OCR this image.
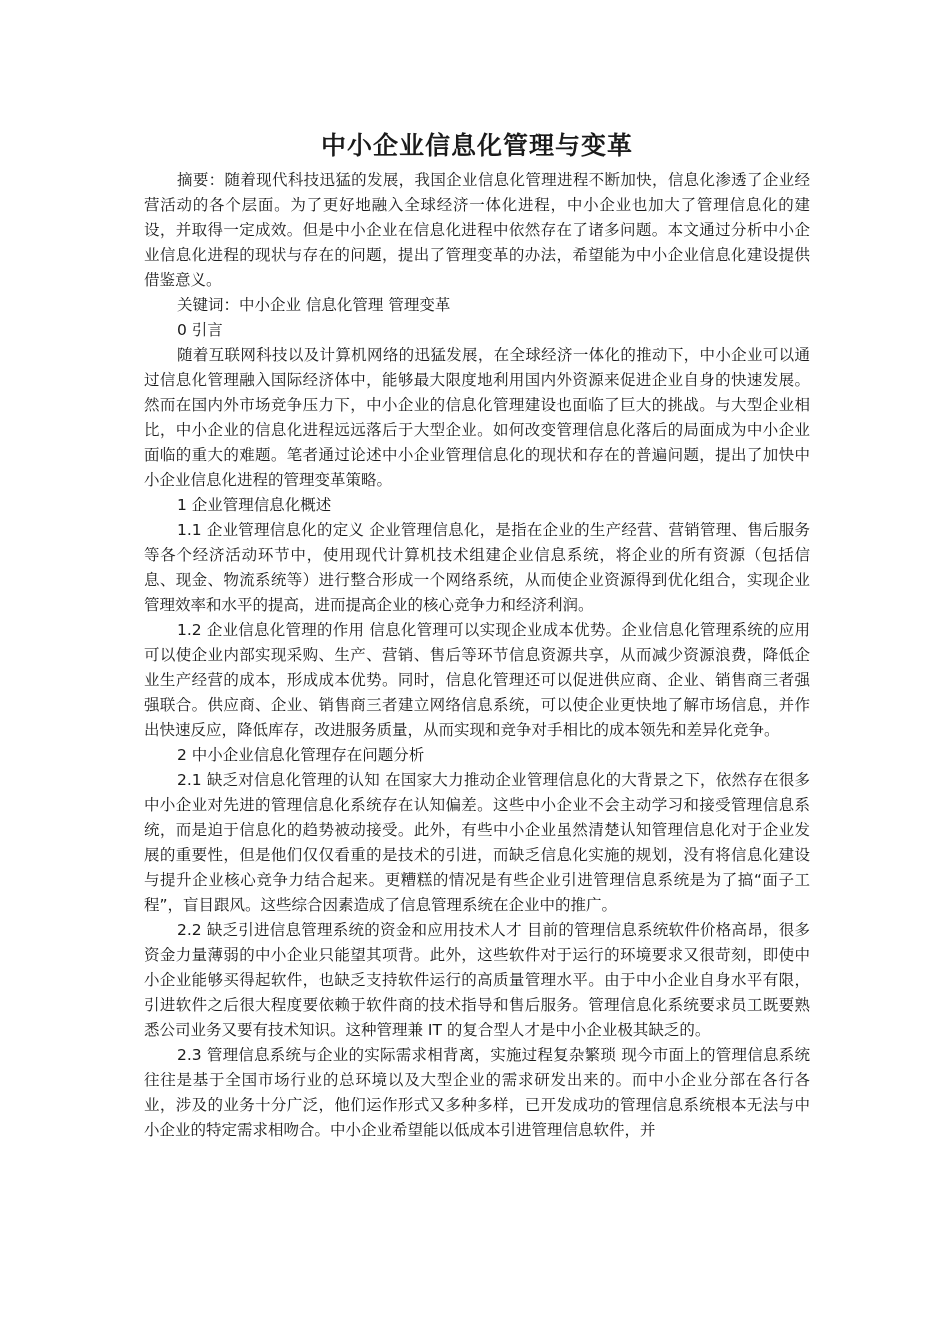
中小企业信息化管理与变革

摘要：随着现代科技迅猛的发展，我国企业信息化管理进程不断加快，信息化渗透了企业经营活动的各个层面。为了更好地融入全球经济一体化进程，中小企业也加大了管理信息化的建设，并取得一定成效。但是中小企业在信息化进程中依然存在了诸多问题。本文通过分析中小企业信息化进程的现状与存在的问题，提出了管理变革的办法，希望能为中小企业信息化建设提供借鉴意义。

关键词：中小企业 信息化管理 管理变革

0 引言

随着互联网科技以及计算机网络的迅猛发展，在全球经济一体化的推动下，中小企业可以通过信息化管理融入国际经济体中，能够最大限度地利用国内外资源来促进企业自身的快速发展。然而在国内外市场竞争压力下，中小企业的信息化管理建设也面临了巨大的挑战。与大型企业相比，中小企业的信息化进程远远落后于大型企业。如何改变管理信息化落后的局面成为中小企业面临的重大的难题。笔者通过论述中小企业管理信息化的现状和存在的普遍问题，提出了加快中小企业信息化进程的管理变革策略。

1 企业管理信息化概述

1.1 企业管理信息化的定义 企业管理信息化，是指在企业的生产经营、营销管理、售后服务等各个经济活动环节中，使用现代计算机技术组建企业信息系统，将企业的所有资源（包括信息、现金、物流系统等）进行整合形成一个网络系统，从而使企业资源得到优化组合，实现企业管理效率和水平的提高，进而提高企业的核心竞争力和经济利润。

1.2 企业信息化管理的作用 信息化管理可以实现企业成本优势。企业信息化管理系统的应用可以使企业内部实现采购、生产、营销、售后等环节信息资源共享，从而减少资源浪费，降低企业生产经营的成本，形成成本优势。同时，信息化管理还可以促进供应商、企业、销售商三者强强联合。供应商、企业、销售商三者建立网络信息系统，可以使企业更快地了解市场信息，并作出快速反应，降低库存，改进服务质量，从而实现和竞争对手相比的成本领先和差异化竞争。

2 中小企业信息化管理存在问题分析

2.1 缺乏对信息化管理的认知 在国家大力推动企业管理信息化的大背景之下，依然存在很多中小企业对先进的管理信息化系统存在认知偏差。这些中小企业不会主动学习和接受管理信息系统，而是迫于信息化的趋势被动接受。此外，有些中小企业虽然清楚认知管理信息化对于企业发展的重要性，但是他们仅仅看重的是技术的引进，而缺乏信息化实施的规划，没有将信息化建设与提升企业核心竞争力结合起来。更糟糕的情况是有些企业引进管理信息系统是为了搞“面子工程”，盲目跟风。这些综合因素造成了信息管理系统在企业中的推广。

2.2 缺乏引进信息管理系统的资金和应用技术人才 目前的管理信息系统软件价格高昂，很多资金力量薄弱的中小企业只能望其项背。此外，这些软件对于运行的环境要求又很苛刻，即使中小企业能够买得起软件，也缺乏支持软件运行的高质量管理水平。由于中小企业自身水平有限，引进软件之后很大程度要依赖于软件商的技术指导和售后服务。管理信息化系统要求员工既要熟悉公司业务又要有技术知识。这种管理兼 IT 的复合型人才是中小企业极其缺乏的。

2.3 管理信息系统与企业的实际需求相背离，实施过程复杂繁琐 现今市面上的管理信息系统往往是基于全国市场行业的总环境以及大型企业的需求研发出来的。而中小企业分部在各行各业，涉及的业务十分广泛，他们运作形式又多种多样，已开发成功的管理信息系统根本无法与中小企业的特定需求相吻合。中小企业希望能以低成本引进管理信息软件，并
